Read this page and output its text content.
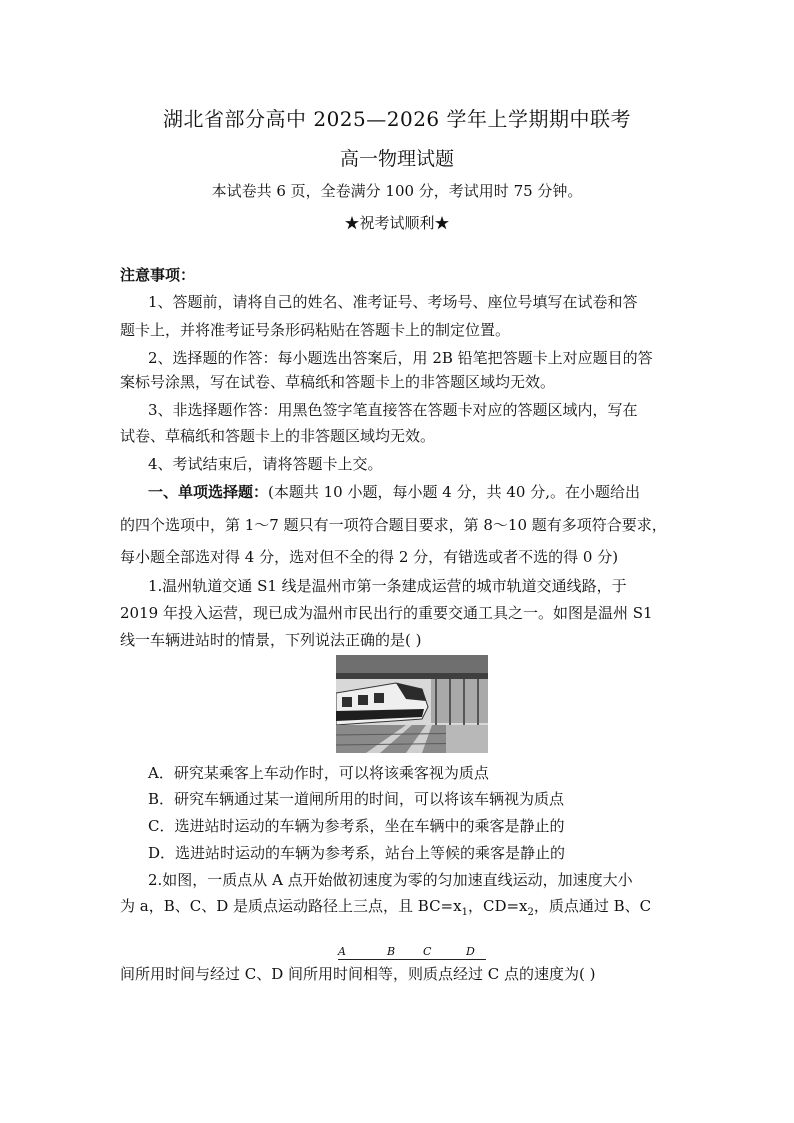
湖北省部分高中 2025—2026 学年上学期期中联考
高一物理试题
本试卷共 6 页，全卷满分 100 分，考试用时 75 分钟。
★祝考试顺利★
注意事项：
1、答题前，请将自己的姓名、准考证号、考场号、座位号填写在试卷和答
题卡上，并将准考证号条形码粘贴在答题卡上的制定位置。
2、选择题的作答：每小题选出答案后，用 2B 铅笔把答题卡上对应题目的答
案标号涂黑，写在试卷、草稿纸和答题卡上的非答题区域均无效。
3、非选择题作答：用黑色签字笔直接答在答题卡对应的答题区域内，写在
试卷、草稿纸和答题卡上的非答题区域均无效。
4、考试结束后，请将答题卡上交。
一、单项选择题：(本题共 10 小题，每小题 4 分，共 40 分,。在小题给出
的四个选项中，第 1～7 题只有一项符合题目要求，第 8～10 题有多项符合要求，
每小题全部选对得 4 分，选对但不全的得 2 分，有错选或者不选的得 0 分)
1.温州轨道交通 S1 线是温州市第一条建成运营的城市轨道交通线路，于
2019 年投入运营，现已成为温州市民出行的重要交通工具之一。如图是温州 S1
线一车辆进站时的情景，下列说法正确的是( )
A．研究某乘客上车动作时，可以将该乘客视为质点
B．研究车辆通过某一道闸所用的时间，可以将该车辆视为质点
C．选进站时运动的车辆为参考系，坐在车辆中的乘客是静止的
D．选进站时运动的车辆为参考系，站台上等候的乘客是静止的
2.如图，一质点从 A 点开始做初速度为零的匀加速直线运动，加速度大小
为 a，B、C、D 是质点运动路径上三点，且 $BC=x_1$，$CD=x_2$，质点通过 B、C
A	B	C	D
间所用时间与经过 C、D 间所用时间相等，则质点经过 C 点的速度为( )
